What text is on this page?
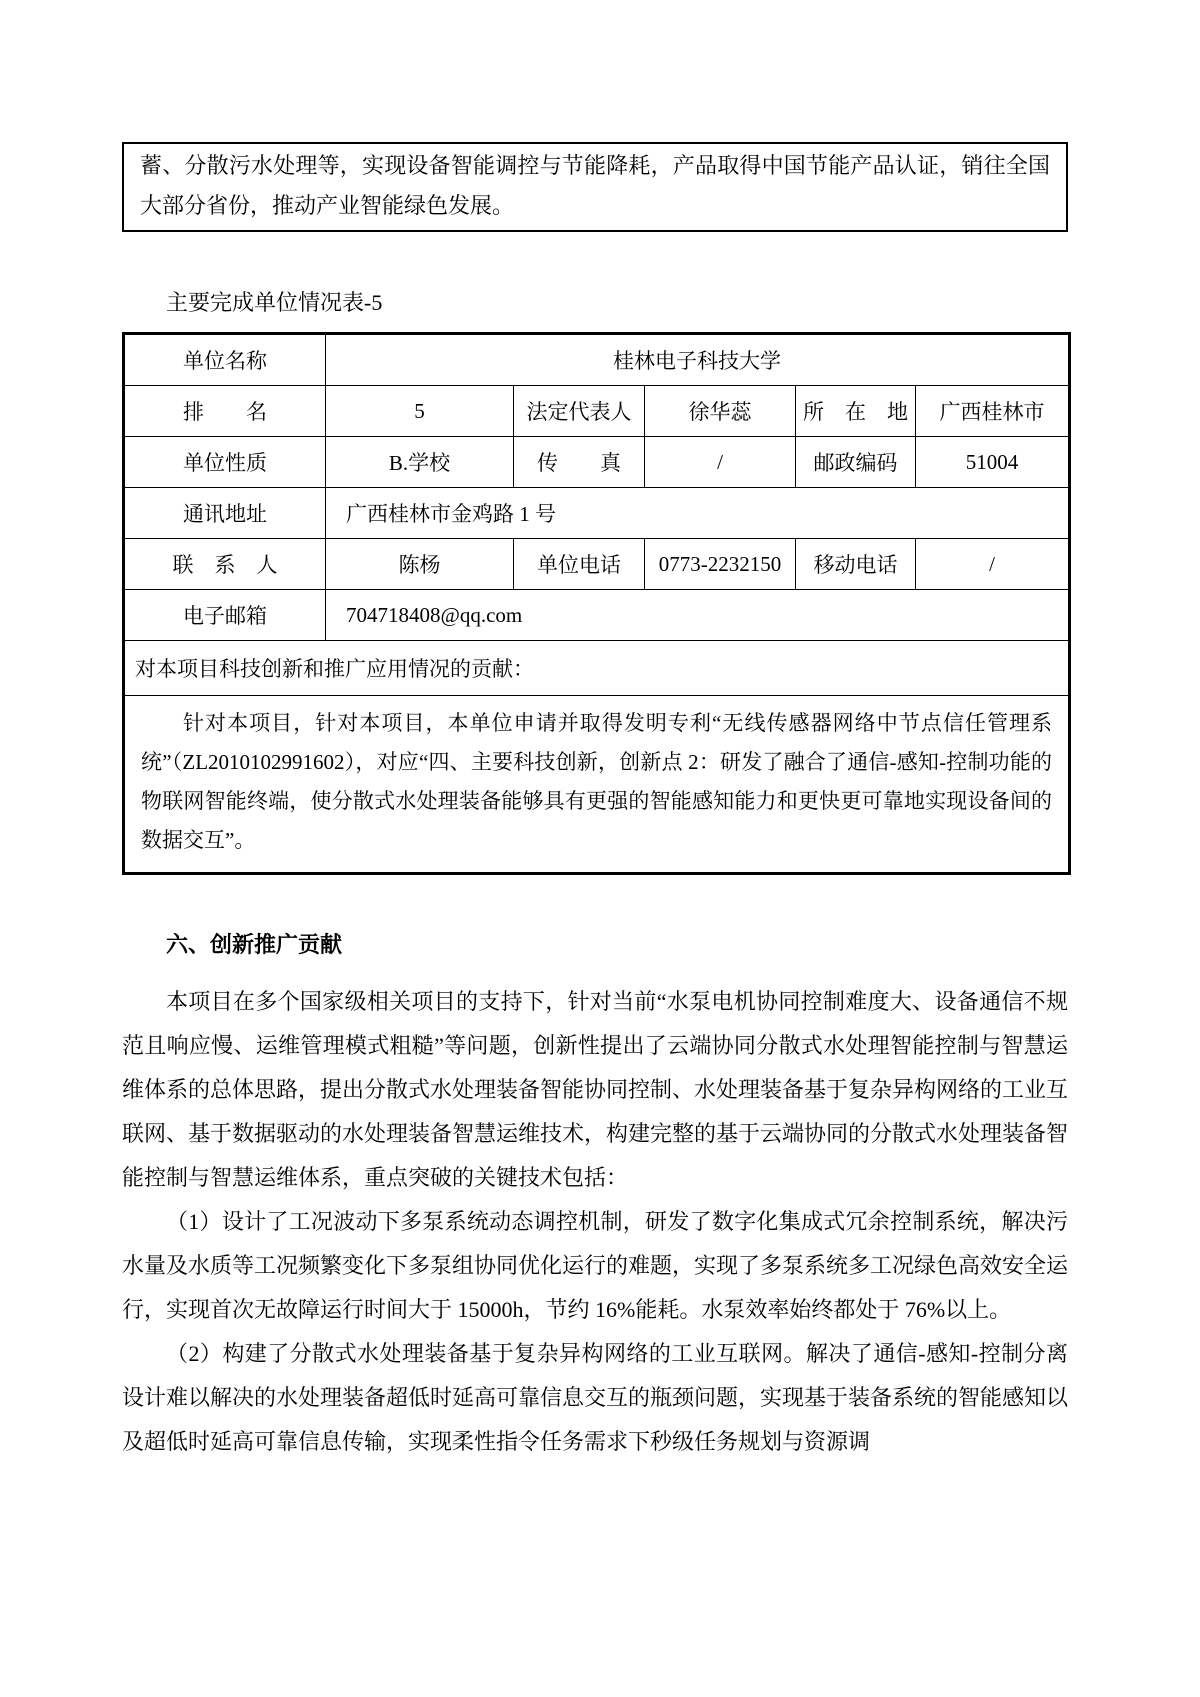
蓄、分散污水处理等，实现设备智能调控与节能降耗，产品取得中国节能产品认证，销往全国大部分省份，推动产业智能绿色发展。
主要完成单位情况表-5
单位名称	桂林电子科技大学				
排　　名	5	法定代表人	徐华蕊	所　在　地	广西桂林市
单位性质	B.学校	传　　真	/	邮政编码	51004
通讯地址	广西桂林市金鸡路 1 号				
联　系　人	陈杨	单位电话	0773-2232150	移动电话	/
电子邮箱	704718408@qq.com				
对本项目科技创新和推广应用情况的贡献：					

针对本项目，针对本项目，本单位申请并取得发明专利“无线传感器网络中节点信任管理系统”（ZL2010102991602），对应“四、主要科技创新，创新点 2：研发了融合了通信-感知-控制功能的物联网智能终端，使分散式水处理装备能够具有更强的智能感知能力和更快更可靠地实现设备间的数据交互”。					
六、创新推广贡献

本项目在多个国家级相关项目的支持下，针对当前“水泵电机协同控制难度大、设备通信不规范且响应慢、运维管理模式粗糙”等问题，创新性提出了云端协同分散式水处理智能控制与智慧运维体系的总体思路，提出分散式水处理装备智能协同控制、水处理装备基于复杂异构网络的工业互联网、基于数据驱动的水处理装备智慧运维技术，构建完整的基于云端协同的分散式水处理装备智能控制与智慧运维体系，重点突破的关键技术包括：

（1）设计了工况波动下多泵系统动态调控机制，研发了数字化集成式冗余控制系统，解决污水量及水质等工况频繁变化下多泵组协同优化运行的难题，实现了多泵系统多工况绿色高效安全运行，实现首次无故障运行时间大于 15000h，节约 16%能耗。水泵效率始终都处于 76%以上。

（2）构建了分散式水处理装备基于复杂异构网络的工业互联网。解决了通信-感知-控制分离设计难以解决的水处理装备超低时延高可靠信息交互的瓶颈问题，实现基于装备系统的智能感知以及超低时延高可靠信息传输，实现柔性指令任务需求下秒级任务规划与资源调
